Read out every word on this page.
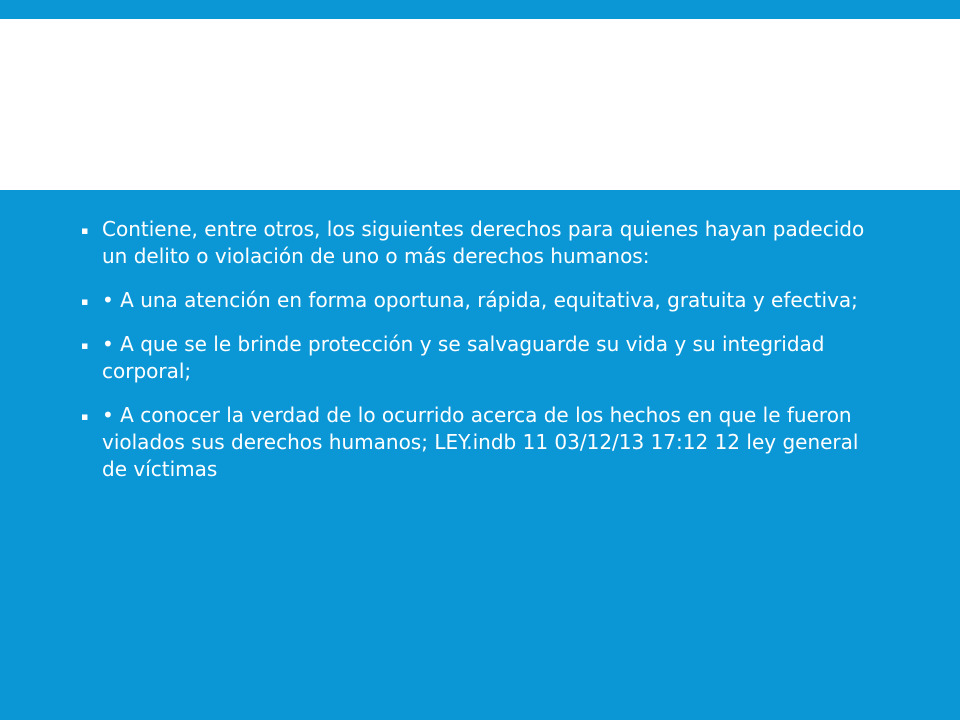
▪ Contiene, entre otros, los siguientes derechos para quienes hayan padecido un delito o violación de uno o más derechos humanos:
▪ • A una atención en forma oportuna, rápida, equitativa, gratuita y efectiva;
▪ • A que se le brinde protección y se salvaguarde su vida y su integridad corporal;
▪ • A conocer la verdad de lo ocurrido acerca de los hechos en que le fueron violados sus derechos humanos; LEY.indb 11 03/12/13 17:12 12 ley general de víctimas
